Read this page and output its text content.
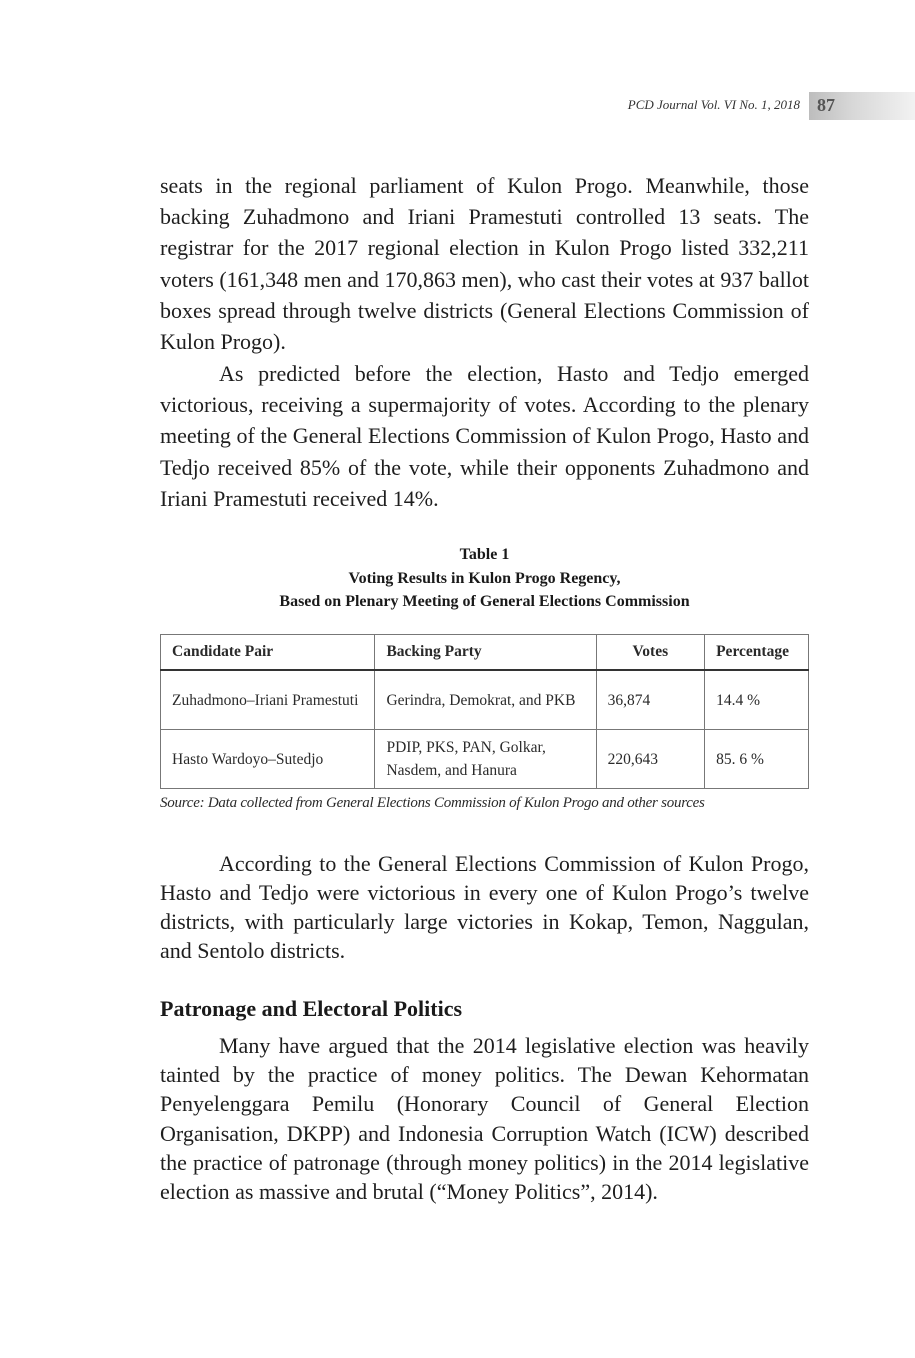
PCD Journal Vol. VI No. 1, 2018 87

seats in the regional parliament of Kulon Progo. Meanwhile, those backing Zuhadmono and Iriani Pramestuti controlled 13 seats. The registrar for the 2017 regional election in Kulon Progo listed 332,211 voters (161,348 men and 170,863 men), who cast their votes at 937 ballot boxes spread through twelve districts (General Elections Commission of Kulon Progo).

As predicted before the election, Hasto and Tedjo emerged victorious, receiving a supermajority of votes. According to the plenary meeting of the General Elections Commission of Kulon Progo, Hasto and Tedjo received 85% of the vote, while their opponents Zuhadmono and Iriani Pramestuti received 14%.

Table 1
Voting Results in Kulon Progo Regency,
Based on Plenary Meeting of General Elections Commission
Candidate Pair	Backing Party	Votes	Percentage
Zuhadmono–Iriani Pramestuti	Gerindra, Demokrat, and PKB	36,874	14.4 %
Hasto Wardoyo–Sutedjo	PDIP, PKS, PAN, Golkar, Nasdem, and Hanura	220,643	85. 6 %
Source: Data collected from General Elections Commission of Kulon Progo and other sources

According to the General Elections Commission of Kulon Progo, Hasto and Tedjo were victorious in every one of Kulon Progo’s twelve districts, with particularly large victories in Kokap, Temon, Naggulan, and Sentolo districts.

Patronage and Electoral Politics

Many have argued that the 2014 legislative election was heavily tainted by the practice of money politics. The Dewan Kehormatan Penyelenggara Pemilu (Honorary Council of General Election Organisation, DKPP) and Indonesia Corruption Watch (ICW) described the practice of patronage (through money politics) in the 2014 legislative election as massive and brutal (“Money Politics”, 2014).
